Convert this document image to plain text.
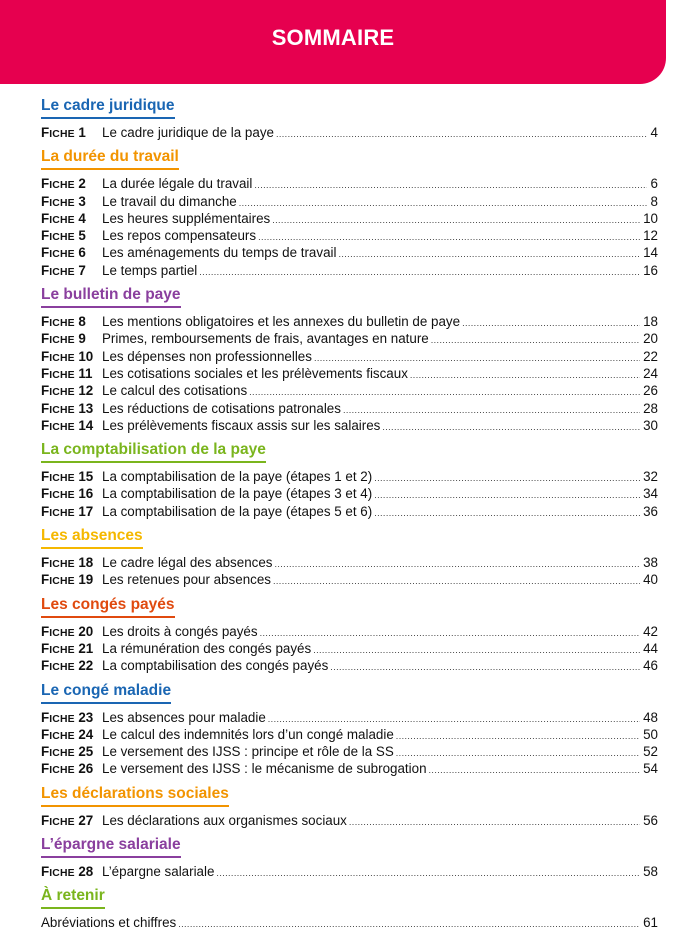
SOMMAIRE
Le cadre juridique
FICHE 1	Le cadre juridique de la paye .....	4
La durée du travail
FICHE 2	La durée légale du travail .....	6
FICHE 3	Le travail du dimanche .....	8
FICHE 4	Les heures supplémentaires .....	10
FICHE 5	Les repos compensateurs .....	12
FICHE 6	Les aménagements du temps de travail .....	14
FICHE 7	Le temps partiel .....	16
Le bulletin de paye
FICHE 8	Les mentions obligatoires et les annexes du bulletin de paye .....	18
FICHE 9	Primes, remboursements de frais, avantages en nature .....	20
FICHE 10 Les dépenses non professionnelles .....	22
FICHE 11 Les cotisations sociales et les prélèvements fiscaux .....	24
FICHE 12 Le calcul des cotisations .....	26
FICHE 13 Les réductions de cotisations patronales .....	28
FICHE 14 Les prélèvements fiscaux assis sur les salaires .....	30
La comptabilisation de la paye
FICHE 15 La comptabilisation de la paye (étapes 1 et 2) .....	32
FICHE 16 La comptabilisation de la paye (étapes 3 et 4) .....	34
FICHE 17 La comptabilisation de la paye (étapes 5 et 6) .....	36
Les absences
FICHE 18 Le cadre légal des absences .....	38
FICHE 19 Les retenues pour absences .....	40
Les congés payés
FICHE 20 Les droits à congés payés .....	42
FICHE 21 La rémunération des congés payés .....	44
FICHE 22 La comptabilisation des congés payés .....	46
Le congé maladie
FICHE 23 Les absences pour maladie .....	48
FICHE 24 Le calcul des indemnités lors d’un congé maladie .....	50
FICHE 25 Le versement des IJSS : principe et rôle de la SS .....	52
FICHE 26 Le versement des IJSS : le mécanisme de subrogation .....	54
Les déclarations sociales
FICHE 27 Les déclarations aux organismes sociaux .....	56
L’épargne salariale
FICHE 28 L’épargne salariale .....	58
À retenir
Abréviations et chiffres .....	61
